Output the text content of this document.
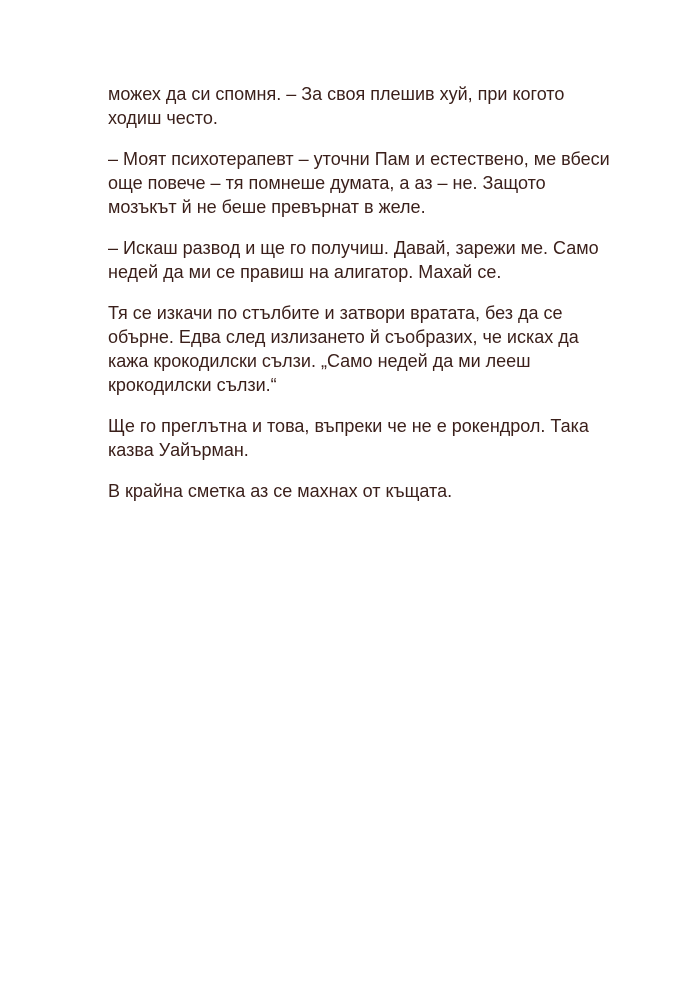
можех да си спомня. – За своя плешив хуй, при когото
ходиш често.

– Моят психотерапевт – уточни Пам и естествено, ме вбеси
още повече – тя помнеше думата, а аз – не. Защото
мозъкът й не беше превърнат в желе.

– Искаш развод и ще го получиш. Давай, зарежи ме. Само
недей да ми се правиш на алигатор. Махай се.

Тя се изкачи по стълбите и затвори вратата, без да се
обърне. Едва след излизането й съобразих, че исках да
кажа крокодилски сълзи. „Само недей да ми лееш
крокодилски сълзи.“

Ще го преглътна и това, въпреки че не е рокендрол. Така
казва Уайърман.

В крайна сметка аз се махнах от къщата.
